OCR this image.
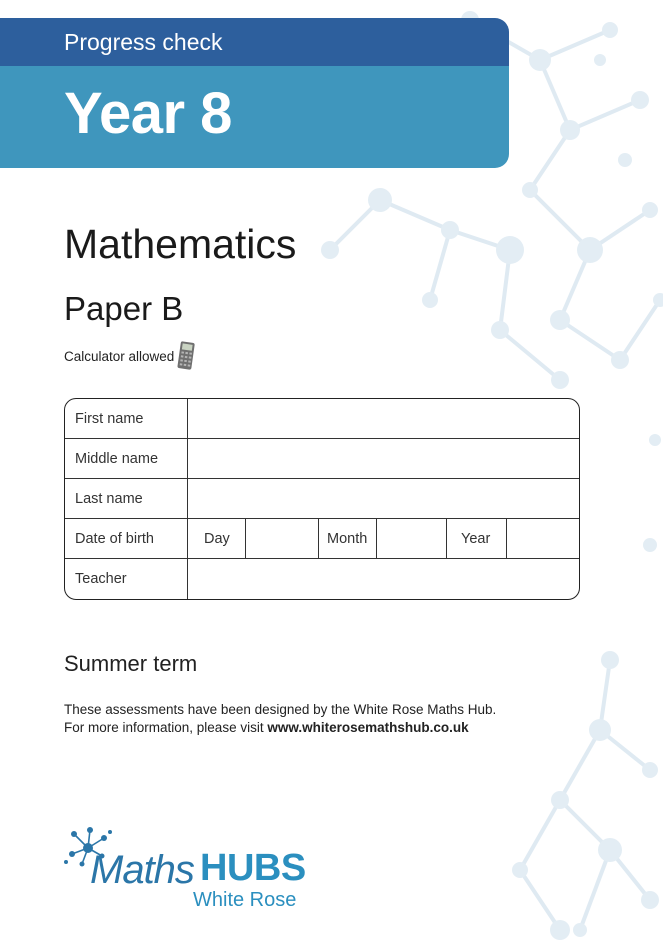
Progress check
Year 8
Mathematics
Paper B
Calculator allowed
First name
Middle name
Last name
Date of birth	Day	Month	Year
Teacher
Summer term
These assessments have been designed by the White Rose Maths Hub.
For more information, please visit www.whiterosemathshub.co.uk
Maths HUBS
White Rose
